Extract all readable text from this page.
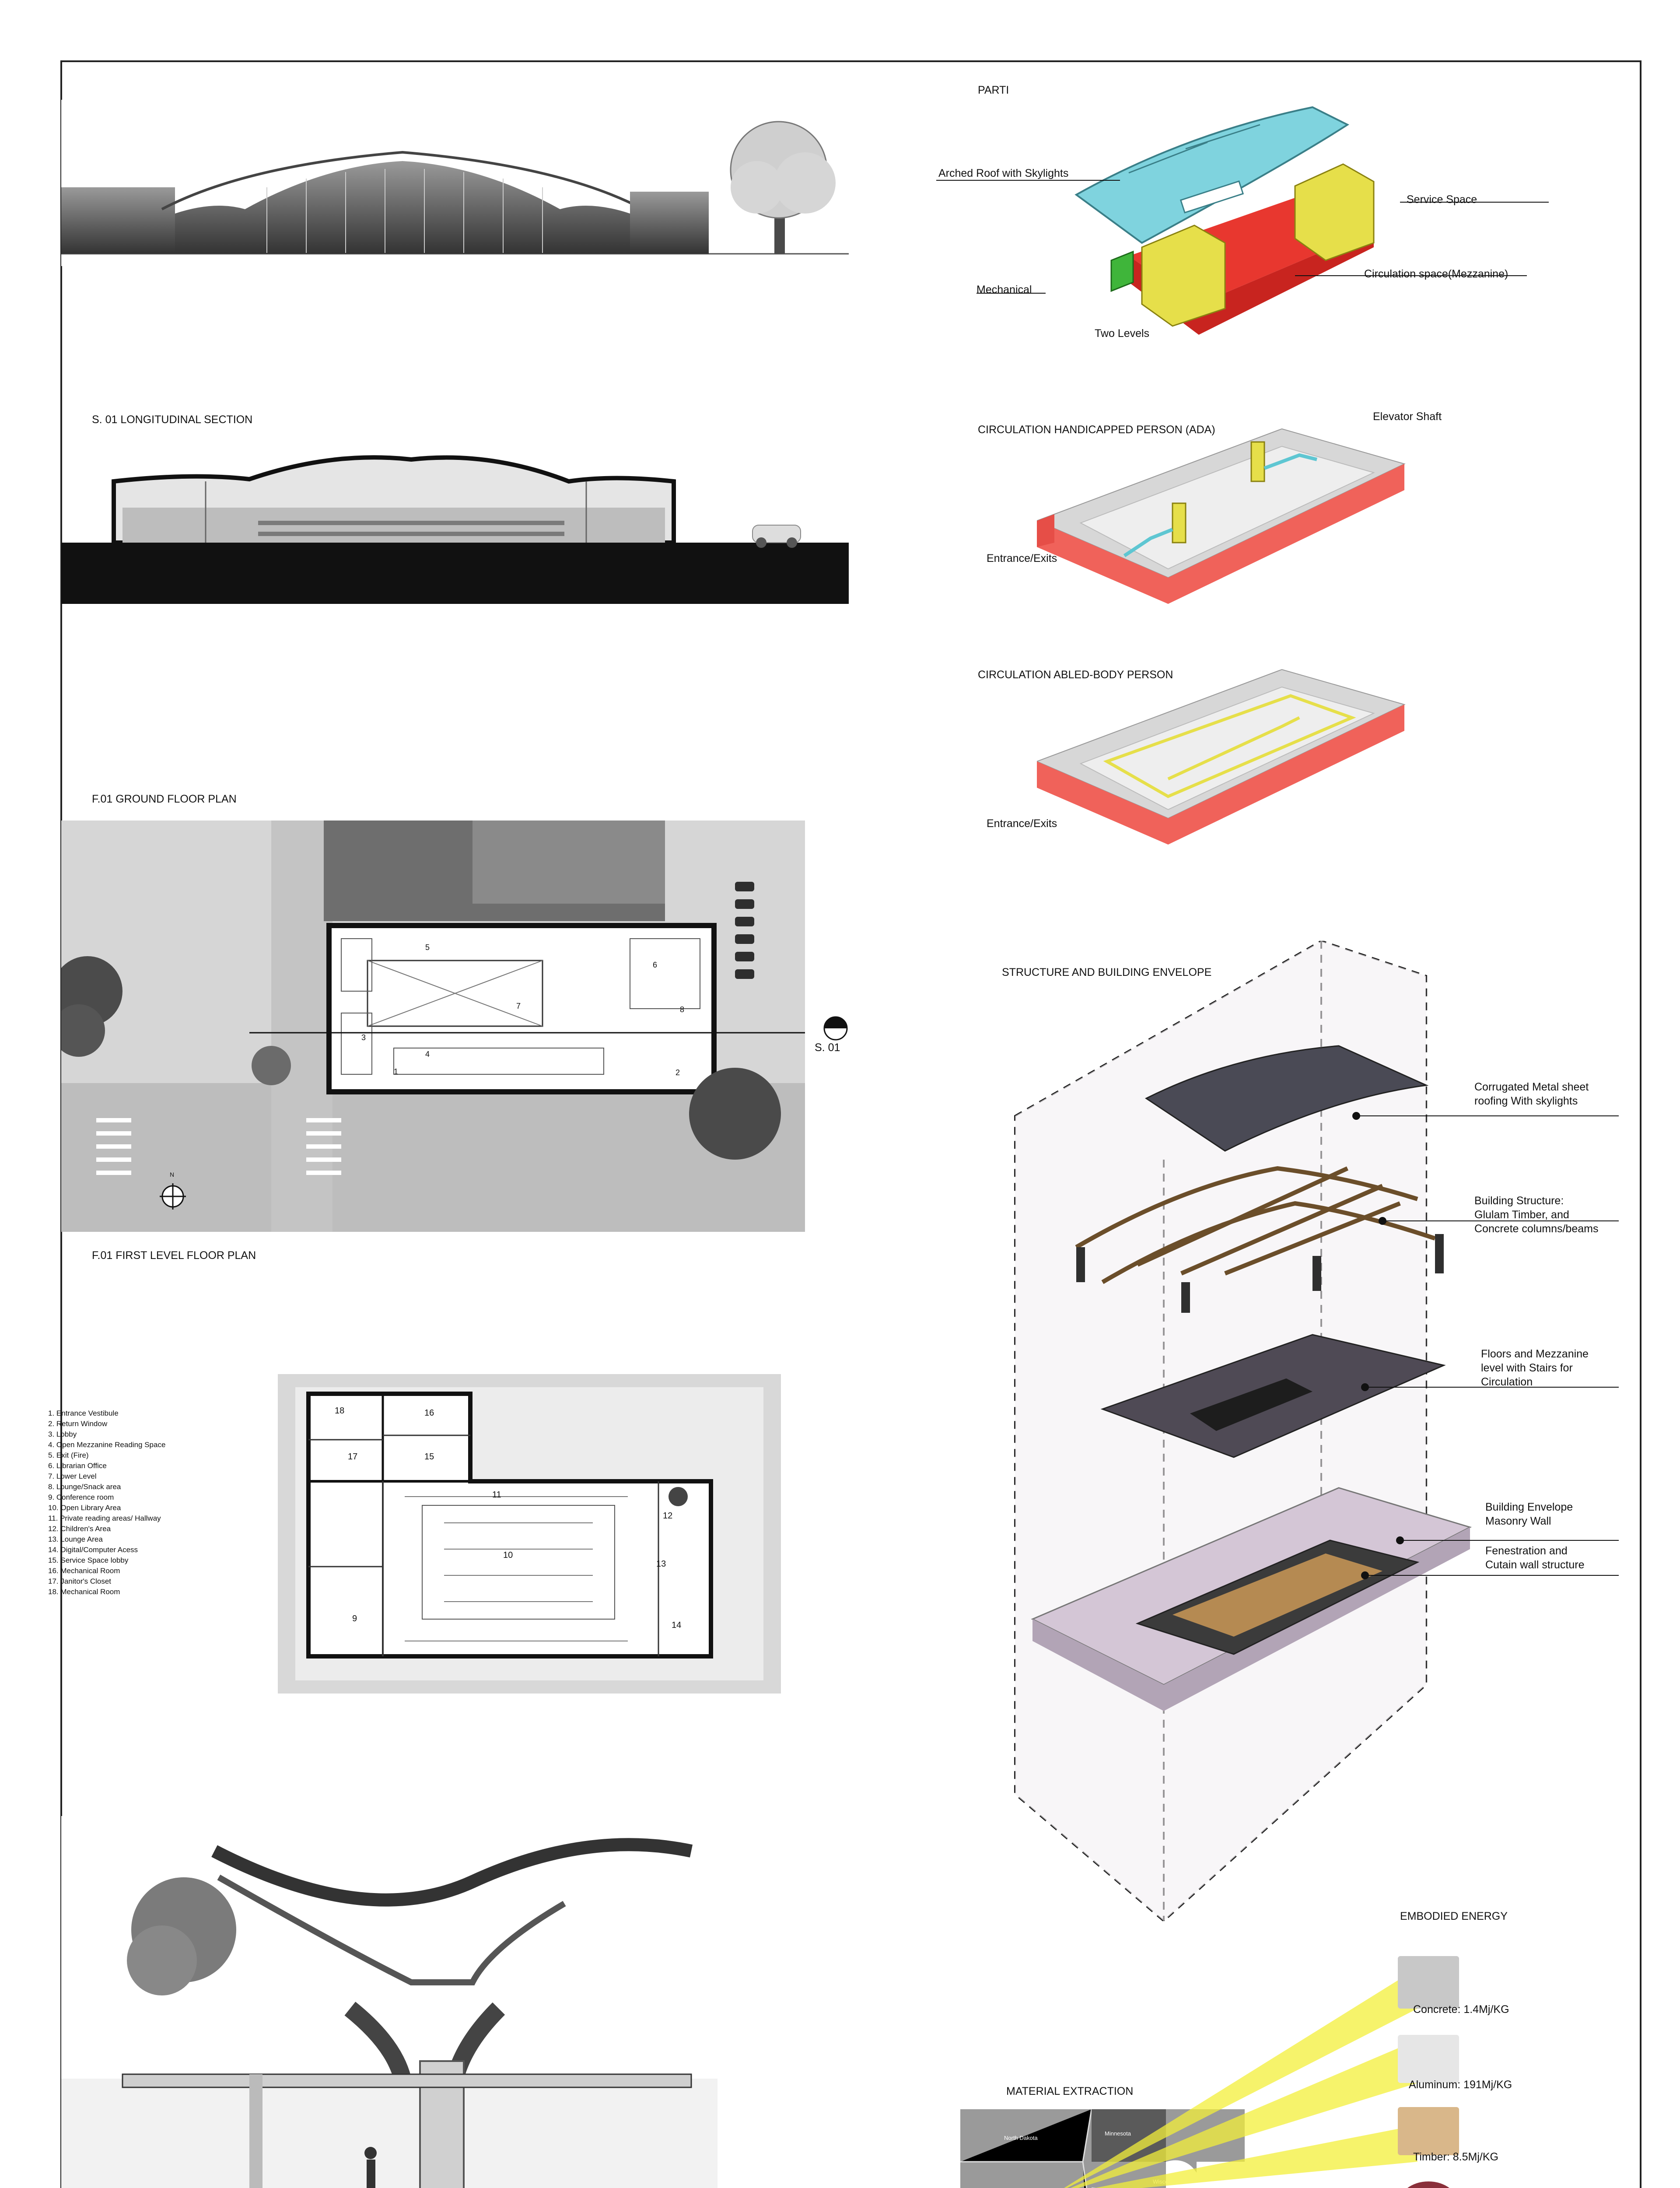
S. 01 LONGITUDINAL SECTION
F.01 GROUND FLOOR PLAN
5
6
7	8
3
4
1	2
S. 01
N
F.01 FIRST LEVEL FLOOR PLAN
1. Entrance Vestibule
2. Return Window
3. Lobby
4. Open Mezzanine Reading Space
5. Exit (Fire)
6. Librarian Office
7. Lower Level
8. Lounge/Snack area
9. Conference room
10. Open Library Area
11. Private reading areas/ Hallway
12. Children's Area
13. Lounge Area
14. Digital/Computer Acess
15. Service Space lobby
16. Mechanical Room
17. Janitor's Closet
18. Mechanical Room
18	16
17	15
11
10
12
13
9
14
PARTI
Arched Roof with Skylights
Service Space
Mechanical
Circulation space(Mezzanine)
Two Levels
CIRCULATION HANDICAPPED PERSON (ADA)
Elevator Shaft
Entrance/Exits
CIRCULATION ABLED-BODY PERSON
Entrance/Exits
STRUCTURE AND BUILDING ENVELOPE
Corrugated Metal sheet
roofing With skylights
Building Structure:
Glulam Timber, and
Concrete columns/beams
Floors and Mezzanine
level with Stairs for
Circulation
Building Envelope
Masonry Wall
Fenestration and
Cutain wall structure
EMBODIED ENERGY
MATERIAL EXTRACTION
North Dakota
Minnesota
Concrete: 1.4Mj/KG
Aluminum: 191Mj/KG
Timber: 8.5Mj/KG
